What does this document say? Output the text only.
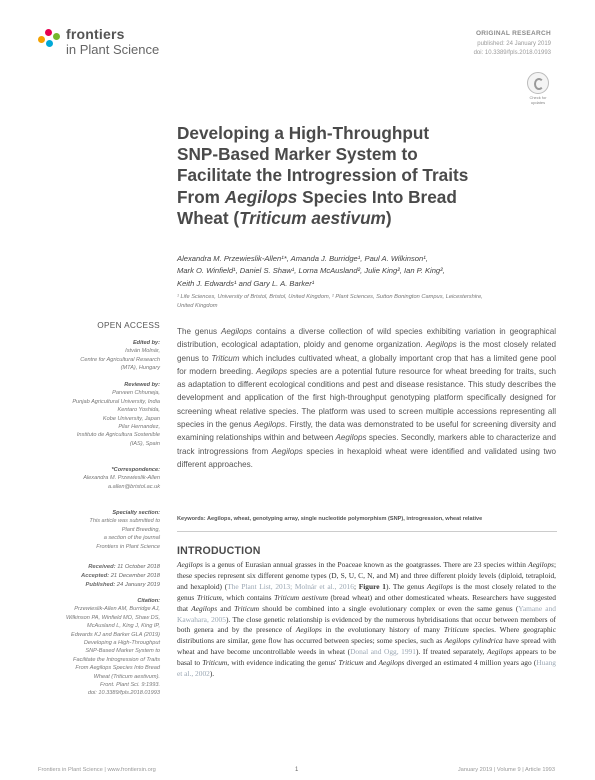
frontiers
in Plant Science
ORIGINAL RESEARCH
published: 24 January 2019
doi: 10.3389/fpls.2018.01993
Check for updates
Developing a High-Throughput
SNP-Based Marker System to
Facilitate the Introgression of Traits
From Aegilops Species Into Bread
Wheat (Triticum aestivum)
Alexandra M. Przewieslik-Allen¹*, Amanda J. Burridge¹, Paul A. Wilkinson¹,
Mark O. Winfield¹, Daniel S. Shaw¹, Lorna McAusland², Julie King², Ian P. King²,
Keith J. Edwards¹ and Gary L. A. Barker¹
¹ Life Sciences, University of Bristol, Bristol, United Kingdom, ² Plant Sciences, Sutton Bonington Campus, Leicestershire,
United Kingdom
OPEN ACCESS
Edited by:
István Molnár,
Centre for Agricultural Research
(MTA), Hungary
Reviewed by:
Parveen Chhuneja,
Punjab Agricultural University, India
Kentaro Yoshida,
Kobe University, Japan
Pilar Hernandez,
Instituto de Agricultura Sostenible
(IAS), Spain
*Correspondence:
Alexandra M. Przewieslik-Allen
a.allen@bristol.ac.uk
Specialty section:
This article was submitted to
Plant Breeding,
a section of the journal
Frontiers in Plant Science
Received: 11 October 2018
Accepted: 21 December 2018
Published: 24 January 2019
Citation:
Przewieslik-Allen AM, Burridge AJ,
Wilkinson PA, Winfield MO, Shaw DS,
McAusland L, King J, King IP,
Edwards KJ and Barker GLA (2019)
Developing a High-Throughput
SNP-Based Marker System to
Facilitate the Introgression of Traits
From Aegilops Species Into Bread
Wheat (Triticum aestivum).
Front. Plant Sci. 9:1993.
doi: 10.3389/fpls.2018.01993
The genus Aegilops contains a diverse collection of wild species exhibiting variation in geographical distribution, ecological adaptation, ploidy and genome organization. Aegilops is the most closely related genus to Triticum which includes cultivated wheat, a globally important crop that has a limited gene pool for modern breeding. Aegilops species are a potential future resource for wheat breeding for traits, such as adaptation to different ecological conditions and pest and disease resistance. This study describes the development and application of the first high-throughput genotyping platform specifically designed for screening wheat relative species. The platform was used to screen multiple accessions representing all species in the genus Aegilops. Firstly, the data was demonstrated to be useful for screening diversity and examining relationships within and between Aegilops species. Secondly, markers able to characterize and track introgressions from Aegilops species in hexaploid wheat were identified and validated using two different approaches.
Keywords: Aegilops, wheat, genotyping array, single nucleotide polymorphism (SNP), introgression, wheat relative
INTRODUCTION
Aegilops is a genus of Eurasian annual grasses in the Poaceae known as the goatgrasses. There are 23 species within Aegilops; these species represent six different genome types (D, S, U, C, N, and M) and three different ploidy levels (diploid, tetraploid, and hexaploid) (The Plant List, 2013; Molnár et al., 2016; Figure 1). The genus Aegilops is the most closely related to the genus Triticum, which contains Triticum aestivum (bread wheat) and other domesticated wheats. Researchers have suggested that Aegilops and Triticum should be combined into a single evolutionary complex or even the same genus (Yamane and Kawahara, 2005). The close genetic relationship is evidenced by the numerous hybridisations that occur between members of both genera and by the presence of Aegilops in the evolutionary history of many Triticum species. Where geographic distributions are similar, gene flow has occurred between species; some species, such as Aegilops cylindrica have spread with wheat and have become uncontrollable weeds in wheat (Donal and Ogg, 1991). If treated separately, Aegilops appears to be basal to Triticum, with evidence indicating the genus' Triticum and Aegilops diverged an estimated 4 million years ago (Huang et al., 2002).
Frontiers in Plant Science | www.frontiersin.org	1	January 2019 | Volume 9 | Article 1993
